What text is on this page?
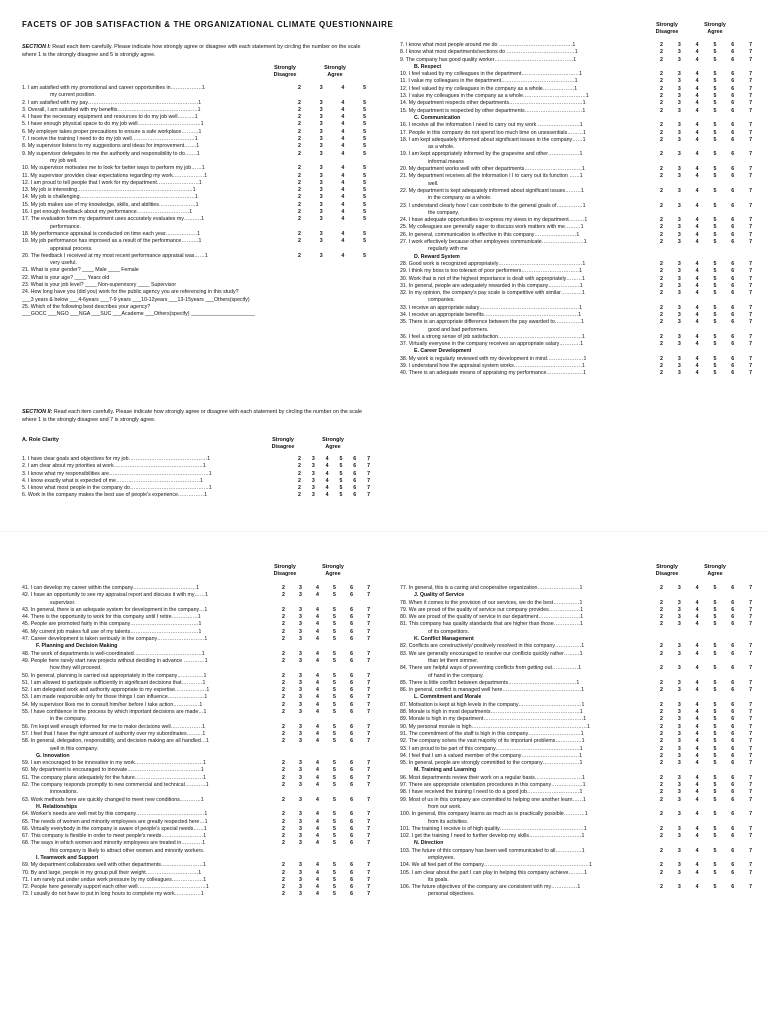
FACETS OF JOB SATISFACTION & THE ORGANIZATIONAL CLIMATE QUESTIONNAIRE
SECTION I: Read each item carefully. Please indicate how strongly agree or disagree with each statement by circling the number on the scale where 1 is the strongly disagree and 5 is strongly agree.
Strongly Disagree
Strongly Agree
1. I am satisfied with my promotional and career opportunities in………………1	2	3	4	5
my current position.
2. I am satisfied with my pay………………………………………………………1	2	3	4	5
3. Overall, I am satisfied with my benefits……………………………………….1	2	3	4	5
4. I have the necessary equipment and resources to do my job well……….1	2	3	4	5
5. I have enough physical space to do my job well………………………………1	2	3	4	5
6. My employer takes proper precautions to ensure a safe workplace……….1	2	3	4	5
7. I receive the training I need to do my job well………………………………1	2	3	4	5
8. My supervisor listens to my suggestions and ideas for improvement…….1	2	3	4	5
9. My supervisor delegates to me the authority and responsibility to do…….1	2	3	4	5
my job well.
10. My supervisor motivates me to look for better ways to perform my job……1	2	3	4	5
11. My supervisor provides clear expectations regarding my work………………1	2	3	4	5
12. I am proud to tell people that I work for my department……………………1	2	3	4	5
13. My job is interesting…………………………………………………………1	2	3	4	5
14. My job is challenging…………………………………………………………1	2	3	4	5
15. My job makes use of my knowledge, skills, and abilities…………………1	2	3	4	5
16. I get enough feedback about my performance…………………………1	2	3	4	5
17. The evaluation form my department uses accurately evaluates my……….1	2	3	4	5
performance.
18. My performance appraisal is conducted on time each year………………1	2	3	4	5
19. My job performance has improved as a result of the performance……….1	2	3	4	5
appraisal process.
20. The feedback I received at my most recent performance appraisal was……1	2	3	4	5
very useful.
21. What is your gender? ____ Male ____ Female
22. What is your age? ____ Years old
23. What is your job level? ____ Non-supervisory ____ Supervisor
24. How long have you (did you) work for the public agency you are referencing in this study?
___3 years & below ___4-6years ___7-9 years ___10-12years ___13-15years ___Others(specify)
25. Which of the following best describes your agency?
___GOCC ___NGO ___NGA ___SUC ___Academe ___Others(specify) ______________________
SECTION II: Read each item carefully. Please indicate how strongly agree or disagree with each statement by circling the number on the scale where 1 is the strongly disagree and 7 is strongly agree.
A. Role Clarity	Strongly Disagree
Strongly Agree
1. I have clear goals and objectives for my job………………………………………1	2 3 4 5 6 7
2. I am clear about my priorities at work……………………………………………1	2 3 4 5 6 7
3. I know what my responsibilities are…………………………………………………1	2 3 4 5 6 7
4. I know exactly what is expected of me…………………………………………1	2 3 4 5 6 7
5. I know what most people in the company do………………………………………1	2 3 4 5 6 7
6. Work in the company makes the best use of people's experience……………1	2 3 4 5 6 7
Strongly Disagree
Strongly Agree
7. I know what most people around me do ……………………………………1	2	3	4	5	6	7
8. I know what most departments/sections do …………………………………1	2	3	4	5	6	7
9. The company has good quality worker………………………………………1	2	3	4	5	6	7
B. Respect
10. I feel valued by my colleagues in the department……………………………1	2	3	4	5	6	7
11. I value my colleagues in the department……………………………………1	2	3	4	5	6	7
12. I feel valued by my colleagues in the company as a whole………………1	2	3	4	5	6	7
13. I value my colleagues in the company as a whole………………………………1	2	3	4	5	6	7
14. My department respects other departments……………………………………1	2	3	4	5	6	7
15. My department is respected by other departments……………………………1	2	3	4	5	6	7
C. Communication
16. I receive all the information I need to carry out my work ……………………1	2	3	4	5	6	7
17. People in this company do not spend too much time on unessentials………1	2	3	4	5	6	7
18. I am kept adequately informed about significant issues in the company……1	2	3	4	5	6	7
as a whole.
19. I am kept appropriately informed by the grapevine and other………………1	2	3	4	5	6	7
informal means
20. My department works well with other departments……………………………1	2	3	4	5	6	7
21. My department receives all the information I I to carry out its function ……1	2	3	4	5	6	7
well.
22. My department is kept adequately informed about significant issues………1	2	3	4	5	6	7
in the company as a whole.
23. I understand clearly how I can contribute to the general goals of……………1	2	3	4	5	6	7
the company.
24. I have adequate opportunities to express my views in my department………1	2	3	4	5	6	7
25. My colleagues are generally eager to discuss work matters with me………1	2	3	4	5	6	7
26. In general, communication is effective in this company……………………1	2	3	4	5	6	7
27. I work effectively because other employees communicate……………………1	2	3	4	5	6	7
regularly with me
D. Reward System
28. Good work is recognized appropriately…………………………………………1	2	3	4	5	6	7
29. I think my boss is too tolerant of poor performers……………………………1	2	3	4	5	6	7
30. Work that is not of the highest importance is dealt with appropriately………1	2	3	4	5	6	7
31. In general, people are adequately rewarded in this company………………1	2	3	4	5	6	7
32. In my opinion, the company's pay scale is competitive with similar…………1	2	3	4	5	6	7
companies.
33. I receive an appropriate salary…………………………………………………1	2	3	4	5	6	7
34. I receive an appropriate benefits………………………………………………1	2	3	4	5	6	7
35. There is an appropriate difference between the pay awarded to……………1	2	3	4	5	6	7
good and bad performers.
36. I feel a strong sense of job satisfaction…………………………………………1	2	3	4	5	6	7
37. Virtually everyone in the company receives an appropriate salary…………1	2	3	4	5	6	7
E. Career Development
38. My work is regularly reviewed with my development in mind…………………1	2	3	4	5	6	7
39. I understand how the appraisal system works…………………………………1	2	3	4	5	6	7
40. There is an adequate means of appraising my performance…………………1	2	3	4	5	6	7
Strongly Disagree
Strongly Agree
41. I can develop my career within the company………………………………1	2	3	4	5	6	7
42. I have an opportunity to see my appraisal report and discuss it with my……1	2	3	4	5	6	7
supervisor.
43. In general, there is an adequate system for development in the company…1	2	3	4	5	6	7
44. There is the opportunity to work for this company until I retire……………1	2	3	4	5	6	7
45. People are promoted fairly in this company…………………………………1	2	3	4	5	6	7
46. My current job makes full use of my talents…………………………………1	2	3	4	5	6	7
47. Career development is taken seriously in the company………………………1	2	3	4	5	6	7
F. Planning and Decision Making
48. The work of departments is well-coordinated…………………………………1	2	3	4	5	6	7
49. People here rarely start new projects without deciding in advance …………1	2	3	4	5	6	7
how they will proceed.
50. In general, planning is carried out appropriately in the company……………1	2	3	4	5	6	7
51. I am allowed to participate sufficiently in significant decisions that…………1	2	3	4	5	6	7
52. I am delegated work and authority appropriate to my expertise………………1	2	3	4	5	6	7
53. I am made responsible only for those things I can influence…………………1	2	3	4	5	6	7
54. My supervisor likes me to consult him/her before I take action……………1	2	3	4	5	6	7
55. I have confidence in the process by which important decisions are made…1	2	3	4	5	6	7
in the company.
56. I'm kept well enough informed for me to make decisions well………………1	2	3	4	5	6	7
57. I feel that I have the right amount of authority over my subordinates………1	2	3	4	5	6	7
58. In general, delegation, responsibility, and decision making are all handled…1	2	3	4	5	6	7
well in this company.
G. Innovation
59. I am encouraged to be innovative in my work…………………………………1	2	3	4	5	6	7
60. My department is encouraged to innovate……………………………………1	2	3	4	5	6	7
61. The company plans adequately for the future…………………………………1	2	3	4	5	6	7
62. The company responds promptly to new commercial and technical…………1	2	3	4	5	6	7
innovations.
63. Work methods here are quickly changed to meet new conditions…………1	2	3	4	5	6	7
H. Relationships
64. Worker's needs are well met by this company…………………………………1	2	3	4	5	6	7
65. The needs of women and minority employees are greatly respected here…1	2	3	4	5	6	7
66. Virtually everybody in the company is aware of people's special needs……1	2	3	4	5	6	7
67. This company is flexible in order to meet people's needs……………………1	2	3	4	5	6	7
68. The ways in which women and minority employees are treated in…………1	2	3	4	5	6	7
this company is likely to attract other women and minority workers.
I. Teamwork and Support
69. My department collaborates well with other departments……………………1	2	3	4	5	6	7
70. By and large, people in my group pull their weight…………………………1	2	3	4	5	6	7
71. I am rarely put under undue work pressure by my colleagues………………1	2	3	4	5	6	7
72. People here generally support each other well…………………………………1	2	3	4	5	6	7
73. I usually do not have to put in long hours to complete my work……………1	2	3	4	5	6	7
Strongly Disagree
Strongly Agree
77. In general, this is a caring and cooperative organization……………………1	2	3	4	5	6	7
J. Quality of Service
78. When it comes to the provision of our services, we do the best……………1	2	3	4	5	6	7
79. We are proud of the quality of service our company provides………………1	2	3	4	5	6	7
80. We are proud of the quality of service in our department……………………1	2	3	4	5	6	7
81. This company has quality standards that are higher than those……………1	2	3	4	5	6	7
of its competitors.
K. Conflict Management
82. Conflicts are constructively/ positively resolved in this company……………1	2	3	4	5	6	7
83. We are generally encouraged to resolve our conflicts quickly rather………1	2	3	4	5	6	7
than let them simmer.
84. There are helpful ways of preventing conflicts from getting out……………1	2	3	4	5	6	7
of hand in the company.
85. There is little conflict between departments…………………………………1	2	3	4	5	6	7
86. In general, conflict is managed well here………………………………………1	2	3	4	5	6	7
L. Commitment and Morale
87. Motivation is kept at high levels in the company………………………………1	2	3	4	5	6	7
88. Morale is high in most departments……………………………………………1	2	3	4	5	6	7
89. Morale is high in my department…………………………………………………1	2	3	4	5	6	7
90. My personal morale is high…………………………………………………………1	2	3	4	5	6	7
91. The commitment of the staff is high in this company…………………………1	2	3	4	5	6	7
92. The company solves the vast majority of its important problems……………1	2	3	4	5	6	7
93. I am proud to be part of this company…………………………………………1	2	3	4	5	6	7
94. I feel that I am a valued member of the company……………………………1	2	3	4	5	6	7
95. In general, people are strongly committed to the company…………………1	2	3	4	5	6	7
M. Training and Learning
96. Most departments review their work on a regular basis………………………1	2	3	4	5	6	7
97. There are appropriate orientation procedures in this company………………1	2	3	4	5	6	7
98. I have received the training I need to do a good job…………………………1	2	3	4	5	6	7
99. Most of us in this company are committed to helping one another learn……1	2	3	4	5	6	7
from our work.
100. In general, this company learns as much as is practically possible…………1	2	3	4	5	6	7
from its activities.
101. The training I receive is of high quality…………………………………………1	2	3	4	5	6	7
102. I get the training I need to further develop my skills…………………………1	2	3	4	5	6	7
N. Direction
103. The future of this company has been well communicated to all……………1	2	3	4	5	6	7
employees.
104. We all feel part of the company……………………………………………………1	2	3	4	5	6	7
105. I am clear about the part I can play in helping this company achieve………1	2	3	4	5	6	7
its goals.
106. The future objectives of the company are consistent with my……………1	2	3	4	5	6	7
personal objectives.
